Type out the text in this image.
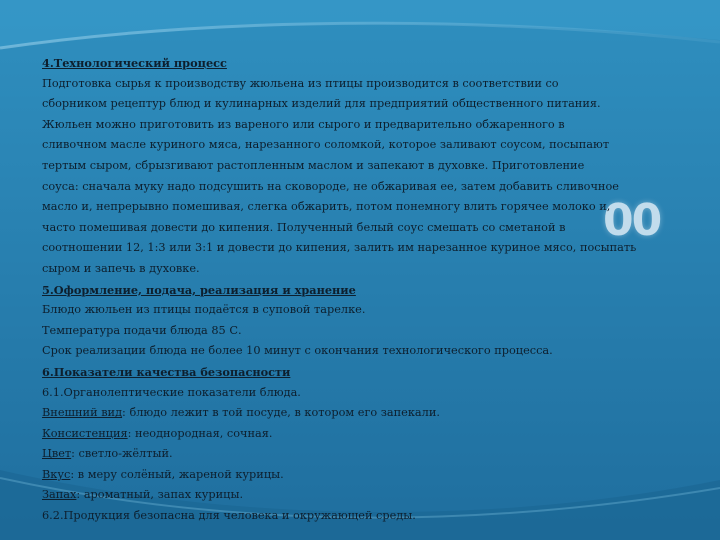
00

4.Технологический процесс

Подготовка сырья к производству жюльена из птицы производится в соответствии со

сборником рецептур блюд и кулинарных изделий для предприятий общественного питания.

Жюльен можно приготовить из вареного или сырого и предварительно обжаренного в

сливочном масле куриного мяса, нарезанного соломкой, которое заливают соусом, посыпают

тертым сыром, сбрызгивают растопленным маслом и запекают в духовке. Приготовление

соуса: сначала муку надо подсушить на сковороде, не обжаривая ее, затем добавить сливочное

масло и, непрерывно помешивая, слегка обжарить, потом понемногу влить горячее молоко и,

часто помешивая довести до кипения. Полученный белый соус смешать со сметаной в

соотношении 12, 1:3 или 3:1 и довести до кипения, залить им нарезанное куриное мясо, посыпать

сыром и запечь в духовке.

5.Оформление, подача, реализация и хранение

Блюдо жюльен из птицы подаётся в суповой тарелке.

Температура подачи блюда 85 С.

Срок реализации блюда не более 10 минут с окончания технологического процесса.

6.Показатели качества безопасности

6.1.Органолептические показатели блюда.

Внешний вид: блюдо лежит в той посуде, в котором его запекали.

Консистенция: неоднородная, сочная.

Цвет: светло-жёлтый.

Вкус: в меру солёный, жареной курицы.

Запах: ароматный, запах курицы.

6.2.Продукция безопасна для человека и окружающей среды.
